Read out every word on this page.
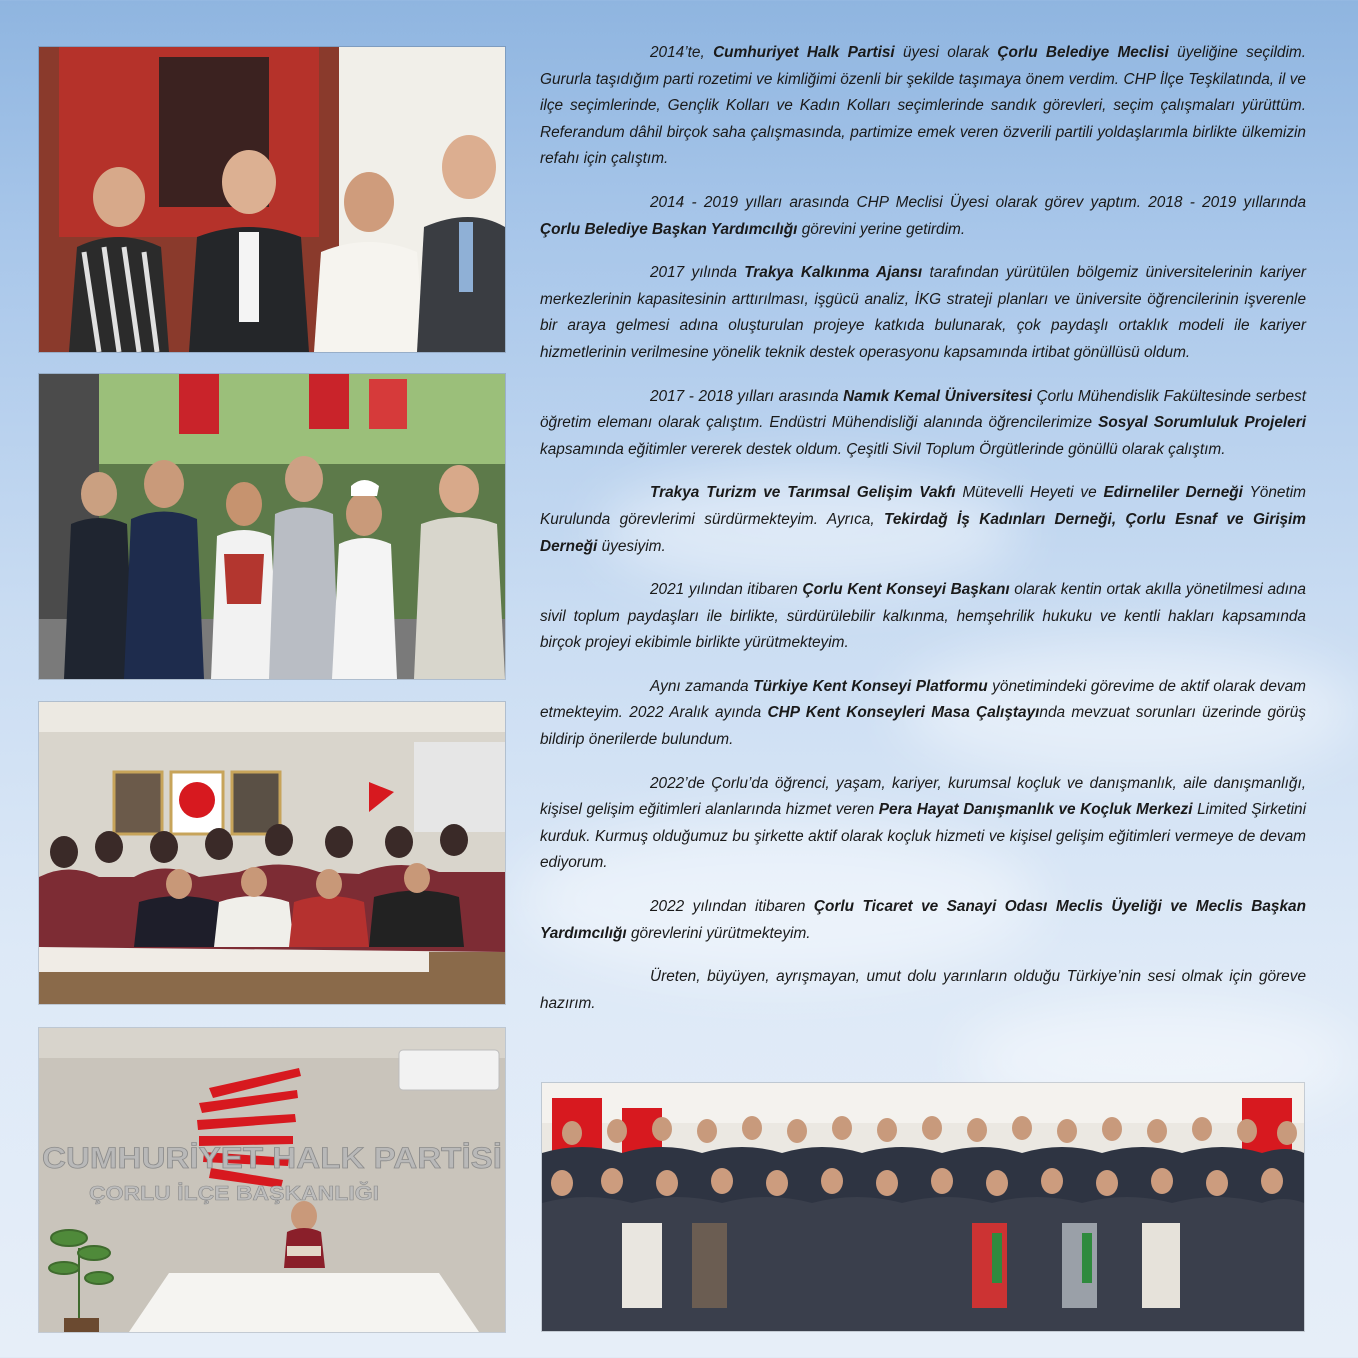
CUMHURİYET HALK PARTİSİ
ÇORLU İLÇE BAŞKANLIĞI

2014’te, Cumhuriyet Halk Partisi üyesi olarak Çorlu Belediye Meclisi üyeliğine seçildim. Gururla taşıdığım parti rozetimi ve kimliğimi özenli bir şekilde taşımaya önem verdim. CHP İlçe Teşkilatında, il ve ilçe seçimlerinde, Gençlik Kolları ve Kadın Kolları seçimlerinde sandık görevleri, seçim çalışmaları yürüttüm. Referandum dâhil birçok saha çalışmasında, partimize emek veren özverili partili yoldaşlarımla birlikte ülkemizin refahı için çalıştım.

2014 - 2019 yılları arasında CHP Meclisi Üyesi olarak görev yaptım. 2018 - 2019 yıllarında Çorlu Belediye Başkan Yardımcılığı görevini yerine getirdim.

2017 yılında Trakya Kalkınma Ajansı tarafından yürütülen bölgemiz üniversitelerinin kariyer merkezlerinin kapasitesinin arttırılması, işgücü analiz, İKG strateji planları ve üniversite öğrencilerinin işverenle bir araya gelmesi adına oluşturulan projeye katkıda bulunarak, çok paydaşlı ortaklık modeli ile kariyer hizmetlerinin verilmesine yönelik teknik destek operasyonu kapsamında irtibat gönüllüsü oldum.

2017 - 2018 yılları arasında Namık Kemal Üniversitesi Çorlu Mühendislik Fakültesinde serbest öğretim elemanı olarak çalıştım. Endüstri Mühendisliği alanında öğrencilerimize Sosyal Sorumluluk Projeleri kapsamında eğitimler vererek destek oldum. Çeşitli Sivil Toplum Örgütlerinde gönüllü olarak çalıştım.

Trakya Turizm ve Tarımsal Gelişim Vakfı Mütevelli Heyeti ve Edirneliler Derneği Yönetim Kurulunda görevlerimi sürdürmekteyim. Ayrıca, Tekirdağ İş Kadınları Derneği, Çorlu Esnaf ve Girişim Derneği üyesiyim.

2021 yılından itibaren Çorlu Kent Konseyi Başkanı olarak kentin ortak akılla yönetilmesi adına sivil toplum paydaşları ile birlikte, sürdürülebilir kalkınma, hemşehrilik hukuku ve kentli hakları kapsamında birçok projeyi ekibimle birlikte yürütmekteyim.

Aynı zamanda Türkiye Kent Konseyi Platformu yönetimindeki görevime de aktif olarak devam etmekteyim. 2022 Aralık ayında CHP Kent Konseyleri Masa Çalıştayında mevzuat sorunları üzerinde görüş bildirip önerilerde bulundum.

2022’de Çorlu’da öğrenci, yaşam, kariyer, kurumsal koçluk ve danışmanlık, aile danışmanlığı, kişisel gelişim eğitimleri alanlarında hizmet veren Pera Hayat Danışmanlık ve Koçluk Merkezi Limited Şirketini kurduk. Kurmuş olduğumuz bu şirkette aktif olarak koçluk hizmeti ve kişisel gelişim eğitimleri vermeye de devam ediyorum.

2022 yılından itibaren Çorlu Ticaret ve Sanayi Odası Meclis Üyeliği ve Meclis Başkan Yardımcılığı görevlerini yürütmekteyim.

Üreten, büyüyen, ayrışmayan, umut dolu yarınların olduğu Türkiye’nin sesi olmak için göreve hazırım.
